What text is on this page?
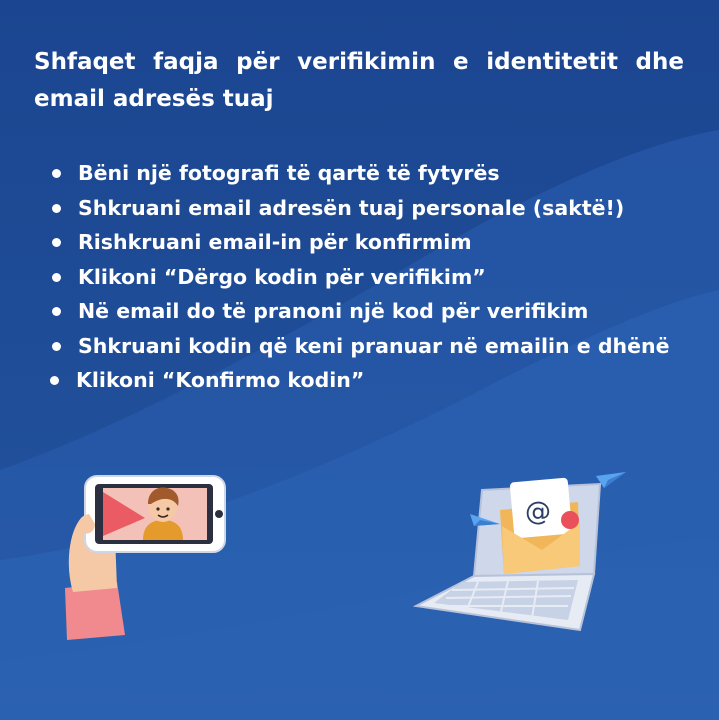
Shfaqet faqja për verifikimin e identitetit dhe email adresës tuaj

Bëni një fotografi të qartë të fytyrës
Shkruani email adresën tuaj personale (saktë!)
Rishkruani email-in për konfirmim
Klikoni “Dërgo kodin për verifikim”
Në email do të pranoni një kod për verifikim
Shkruani kodin që keni pranuar në emailin e dhënë
Klikoni “Konfirmo kodin”
@
